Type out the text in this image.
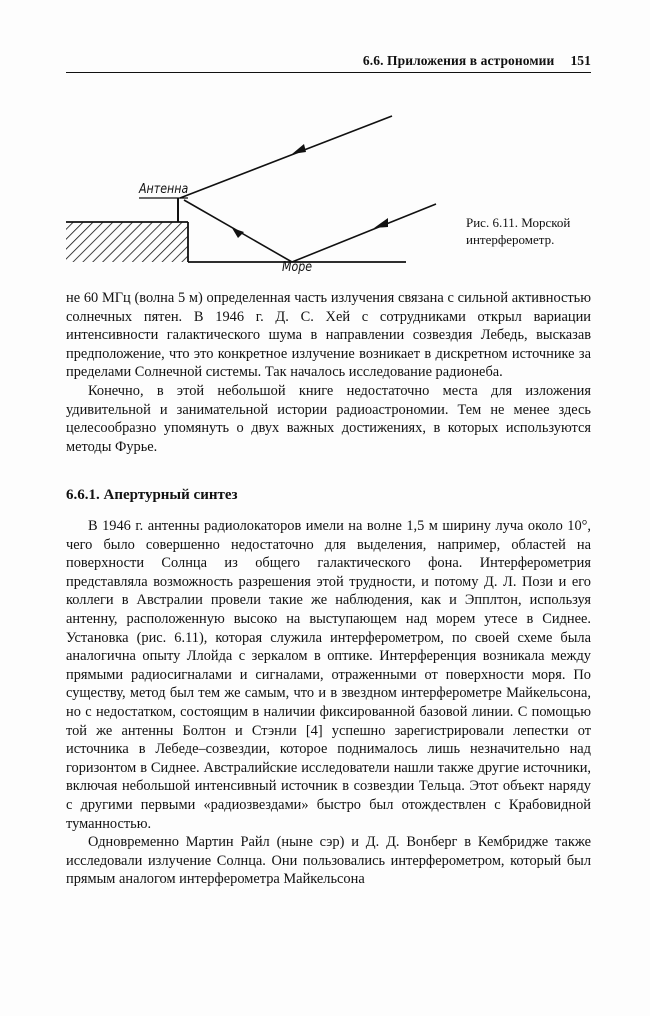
6.6. Приложения в астрономии 151
Антенна
Море
Рис. 6.11. Морской интерферометр.

не 60 МГц (волна 5 м) определенная часть излучения связана с сильной активностью солнечных пятен. В 1946 г. Д. С. Хей с сотрудниками открыл вариации интенсивности галактического шума в направлении созвездия Лебедь, высказав предположение, что это конкретное излучение возникает в дискретном источнике за пределами Солнечной системы. Так началось исследование радионеба.

Конечно, в этой небольшой книге недостаточно места для изложения удивительной и занимательной истории радиоастрономии. Тем не менее здесь целесообразно упомянуть о двух важных достижениях, в которых используются методы Фурье.

6.6.1. Апертурный синтез

В 1946 г. антенны радиолокаторов имели на волне 1,5 м ширину луча около 10°, чего было совершенно недостаточно для выделения, например, областей на поверхности Солнца из общего галактического фона. Интерферометрия представляла возможность разрешения этой трудности, и потому Д. Л. Пози и его коллеги в Австралии провели такие же наблюдения, как и Эпплтон, используя антенну, расположенную высоко на выступающем над морем утесе в Сиднее. Установка (рис. 6.11), которая служила интерферометром, по своей схеме была аналогична опыту Ллойда с зеркалом в оптике. Интерференция возникала между прямыми радиосигналами и сигналами, отраженными от поверхности моря. По существу, метод был тем же самым, что и в звездном интерферометре Майкельсона, но с недостатком, состоящим в наличии фиксированной базовой линии. С помощью той же антенны Болтон и Стэнли [4] успешно зарегистрировали лепестки от источника в Лебеде–созвездии, которое поднималось лишь незначительно над горизонтом в Сиднее. Австралийские исследователи нашли также другие источники, включая небольшой интенсивный источник в созвездии Тельца. Этот объект наряду с другими первыми «радиозвездами» быстро был отождествлен с Крабовидной туманностью.

Одновременно Мартин Райл (ныне сэр) и Д. Д. Вонберг в Кембридже также исследовали излучение Солнца. Они пользовались интерферометром, который был прямым аналогом интерферометра Майкельсона
